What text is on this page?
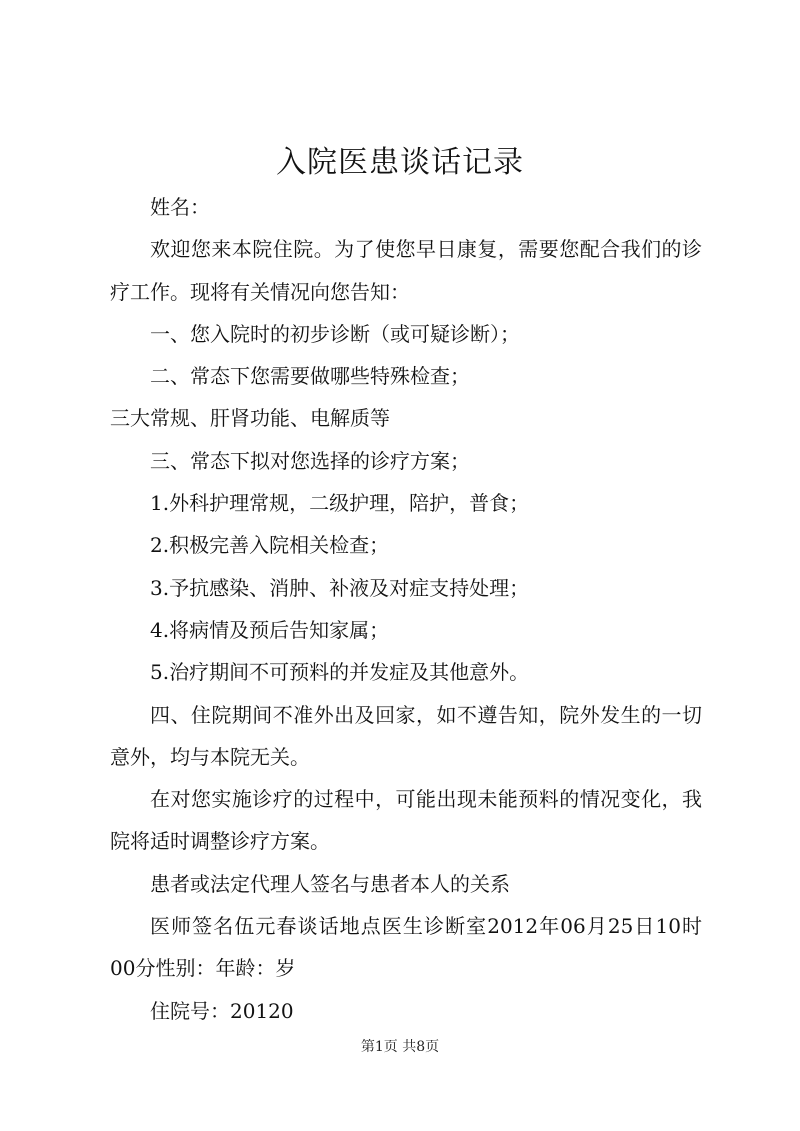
入院医患谈话记录

姓名：

欢迎您来本院住院。为了使您早日康复，需要您配合我们的诊疗工作。现将有关情况向您告知：

一、您入院时的初步诊断（或可疑诊断）；

二、常态下您需要做哪些特殊检查；

三大常规、肝肾功能、电解质等

三、常态下拟对您选择的诊疗方案；

1.外科护理常规，二级护理，陪护，普食；

2.积极完善入院相关检查；

3.予抗感染、消肿、补液及对症支持处理；

4.将病情及预后告知家属；

5.治疗期间不可预料的并发症及其他意外。

四、住院期间不准外出及回家，如不遵告知，院外发生的一切意外，均与本院无关。

在对您实施诊疗的过程中，可能出现未能预料的情况变化，我院将适时调整诊疗方案。

患者或法定代理人签名与患者本人的关系

医师签名伍元春谈话地点医生诊断室2012年06月25日10时00分性别：年龄：岁

住院号：20120

第1页 共8页
